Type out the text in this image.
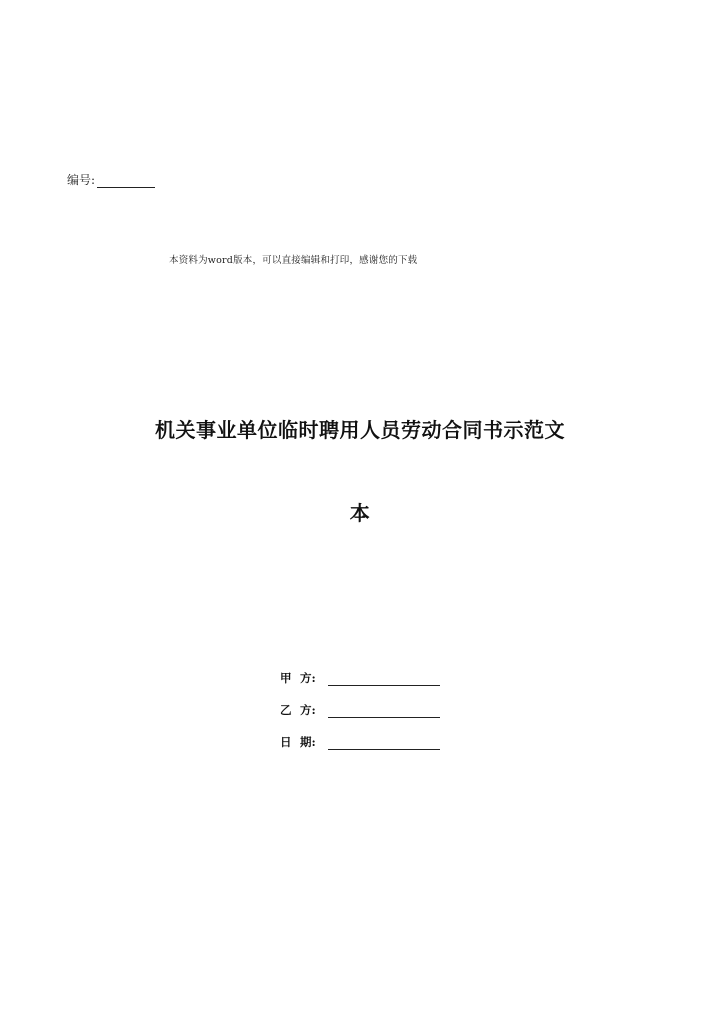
编号:
本资料为word版本，可以直接编辑和打印，感谢您的下载
机关事业单位临时聘用人员劳动合同书示范文
本
甲 方:
乙 方:
日 期:
